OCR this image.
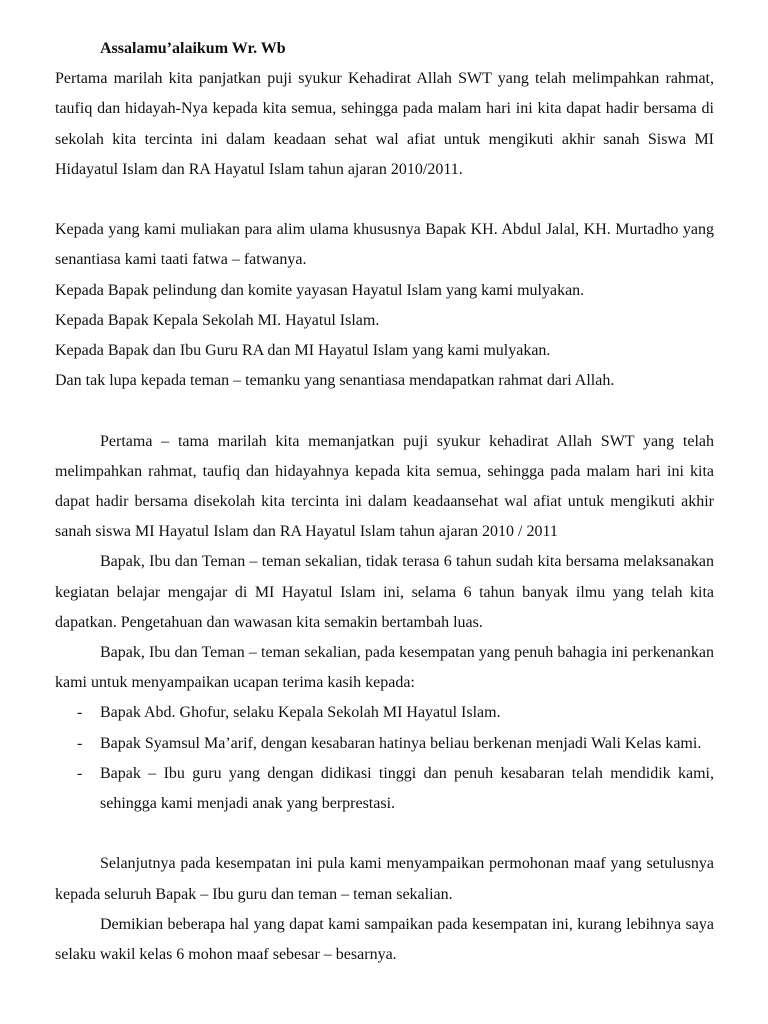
Assalamu’alaikum Wr. Wb

Pertama marilah kita panjatkan puji syukur Kehadirat Allah SWT yang telah melimpahkan rahmat, taufiq dan hidayah-Nya kepada kita semua, sehingga pada malam hari ini kita dapat hadir bersama di sekolah kita tercinta ini dalam keadaan sehat wal afiat untuk mengikuti akhir sanah Siswa MI Hidayatul Islam dan RA Hayatul Islam tahun ajaran 2010/2011.

Kepada yang kami muliakan para alim ulama khususnya Bapak KH. Abdul Jalal, KH. Murtadho yang senantiasa kami taati fatwa – fatwanya.

Kepada Bapak pelindung dan komite yayasan Hayatul Islam yang kami mulyakan.

Kepada Bapak Kepala Sekolah MI. Hayatul Islam.

Kepada Bapak dan Ibu Guru RA dan MI Hayatul Islam yang kami mulyakan.

Dan tak lupa kepada teman – temanku yang senantiasa mendapatkan rahmat dari Allah.

Pertama – tama marilah kita memanjatkan puji syukur kehadirat Allah SWT yang telah melimpahkan rahmat, taufiq dan hidayahnya kepada kita semua, sehingga pada malam hari ini kita dapat hadir bersama disekolah kita tercinta ini dalam keadaansehat wal afiat untuk mengikuti akhir sanah siswa MI Hayatul Islam dan RA Hayatul Islam tahun ajaran 2010 / 2011

Bapak, Ibu dan Teman – teman sekalian, tidak terasa 6 tahun sudah kita bersama melaksanakan kegiatan belajar mengajar di MI Hayatul Islam ini, selama 6 tahun banyak ilmu yang telah kita dapatkan. Pengetahuan dan wawasan kita semakin bertambah luas.

Bapak, Ibu dan Teman – teman sekalian, pada kesempatan yang penuh bahagia ini perkenankan kami untuk menyampaikan ucapan terima kasih kepada:

- Bapak Abd. Ghofur, selaku Kepala Sekolah MI Hayatul Islam.
- Bapak Syamsul Ma’arif, dengan kesabaran hatinya beliau berkenan menjadi Wali Kelas kami.
- Bapak – Ibu guru yang dengan didikasi tinggi dan penuh kesabaran telah mendidik kami, sehingga kami menjadi anak yang berprestasi.

Selanjutnya pada kesempatan ini pula kami menyampaikan permohonan maaf yang setulusnya kepada seluruh Bapak – Ibu guru dan teman – teman sekalian.

Demikian beberapa hal yang dapat kami sampaikan pada kesempatan ini, kurang lebihnya saya selaku wakil kelas 6 mohon maaf sebesar – besarnya.
